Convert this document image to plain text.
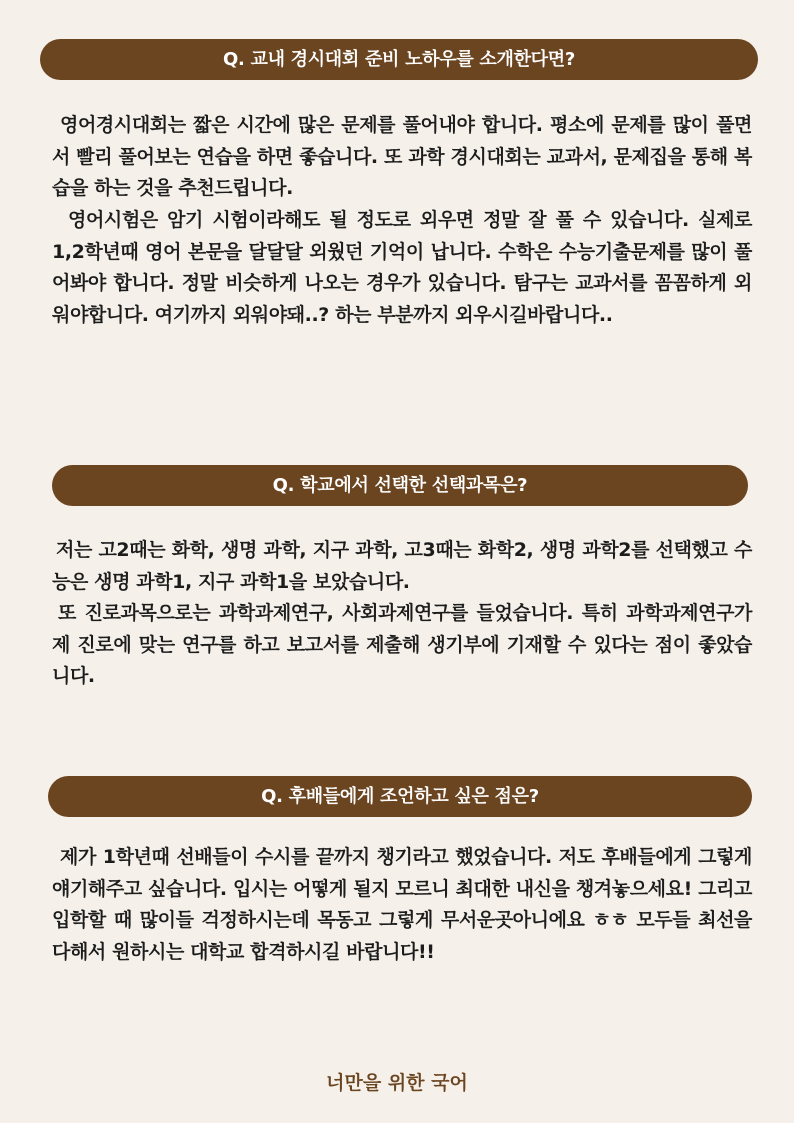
Q. 교내 경시대회 준비 노하우를 소개한다면?

영어경시대회는 짧은 시간에 많은 문제를 풀어내야 합니다. 평소에 문제를 많이 풀면서 빨리 풀어보는 연습을 하면 좋습니다. 또 과학 경시대회는 교과서, 문제집을 통해 복습을 하는 것을 추천드립니다.

영어시험은 암기 시험이라해도 될 정도로 외우면 정말 잘 풀 수 있습니다. 실제로 1,2학년때 영어 본문을 달달달 외웠던 기억이 납니다. 수학은 수능기출문제를 많이 풀어봐야 합니다. 정말 비슷하게 나오는 경우가 있습니다. 탐구는 교과서를 꼼꼼하게 외워야합니다. 여기까지 외워야돼..? 하는 부분까지 외우시길바랍니다..

Q. 학교에서 선택한 선택과목은?

저는 고2때는 화학, 생명 과학, 지구 과학, 고3때는 화학2, 생명 과학2를 선택했고 수능은 생명 과학1, 지구 과학1을 보았습니다.

또 진로과목으로는 과학과제연구, 사회과제연구를 들었습니다. 특히 과학과제연구가 제 진로에 맞는 연구를 하고 보고서를 제출해 생기부에 기재할 수 있다는 점이 좋았습니다.

Q. 후배들에게 조언하고 싶은 점은?

제가 1학년때 선배들이 수시를 끝까지 챙기라고 했었습니다. 저도 후배들에게 그렇게 얘기해주고 싶습니다. 입시는 어떻게 될지 모르니 최대한 내신을 챙겨놓으세요! 그리고 입학할 때 많이들 걱정하시는데 목동고 그렇게 무서운곳아니에요 ㅎㅎ 모두들 최선을 다해서 원하시는 대학교 합격하시길 바랍니다!!

너만을 위한 국어
